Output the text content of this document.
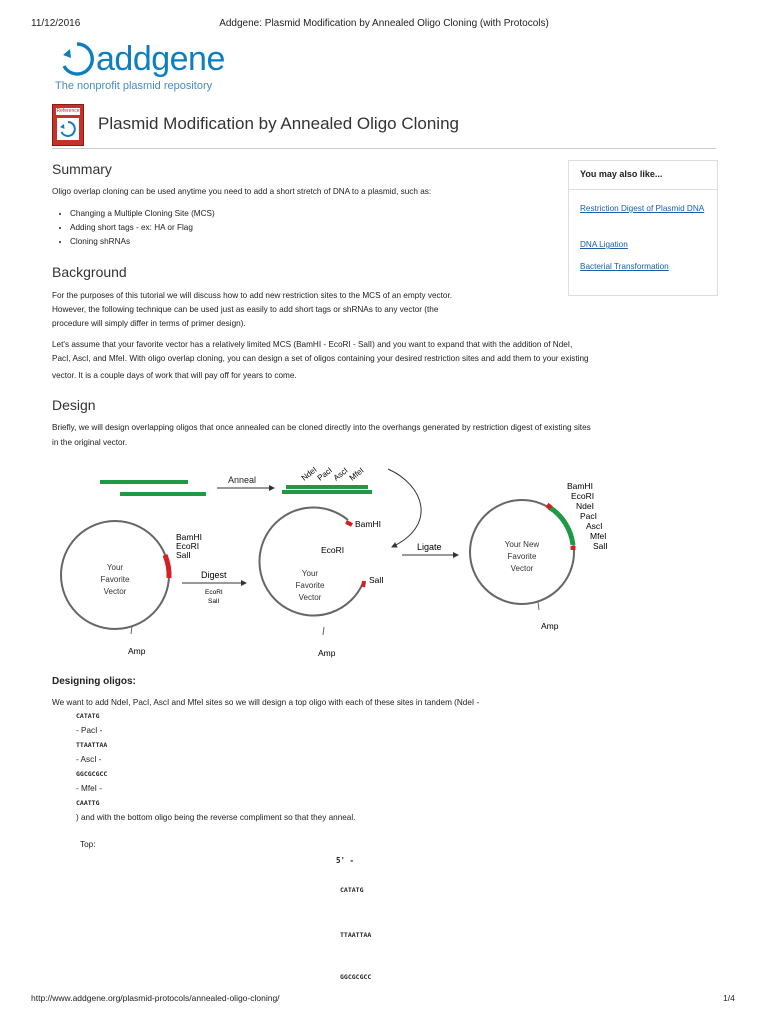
11/12/2016	Addgene: Plasmid Modification by Annealed Oligo Cloning (with Protocols)
addgene
The nonprofit plasmid repository
Reference
Plasmid Modification by Annealed Oligo Cloning
You may also like...
Restriction Digest of Plasmid DNA
DNA Ligation
Bacterial Transformation
Summary

Oligo overlap cloning can be used anytime you need to add a short stretch of DNA to a plasmid, such as:

• Changing a Multiple Cloning Site (MCS)
• Adding short tags - ex: HA or Flag
• Cloning shRNAs
Background

For the purposes of this tutorial we will discuss how to add new restriction sites to the MCS of an empty vector.

However, the following technique can be used just as easily to add short tags or shRNAs to any vector (the

procedure will simply differ in terms of primer design).

Let's assume that your favorite vector has a relatively limited MCS (BamHI - EcoRI - SalI) and you want to expand that with the addition of NdeI,

PacI, AscI, and MfeI. With oligo overlap cloning, you can design a set of oligos containing your desired restriction sites and add them to your existing

vector. It is a couple days of work that will pay off for years to come.

Design

Briefly, we will design overlapping oligos that once annealed can be cloned directly into the overhangs generated by restriction digest of existing sites

in the original vector.

Anneal	NdeI
PacI
AscI
MfeI
BamHI
EcoRI
SalI
Your
Favorite
Vector
Amp
Digest
EcoRI
SalI
BamHI
EcoRI
SalI
Your
Favorite
Vector
Amp
Ligate
BamHI
EcoRI
NdeI
PacI
AscI
MfeI
SalI
Your New
Favorite
Vector
Amp
Designing oligos:

We want to add NdeI, PacI, AscI and MfeI sites so we will design a top oligo with each of these sites in tandem (NdeI -

CATATG

- PacI -

TTAATTAA

- AscI -

GGCGCGCC

- MfeI -

CAATTG

) and with the bottom oligo being the reverse compliment so that they anneal.

Top:

5' -
CATATG
TTAATTAA
GGCGCGCC
http://www.addgene.org/plasmid-protocols/annealed-oligo-cloning/	1/4
